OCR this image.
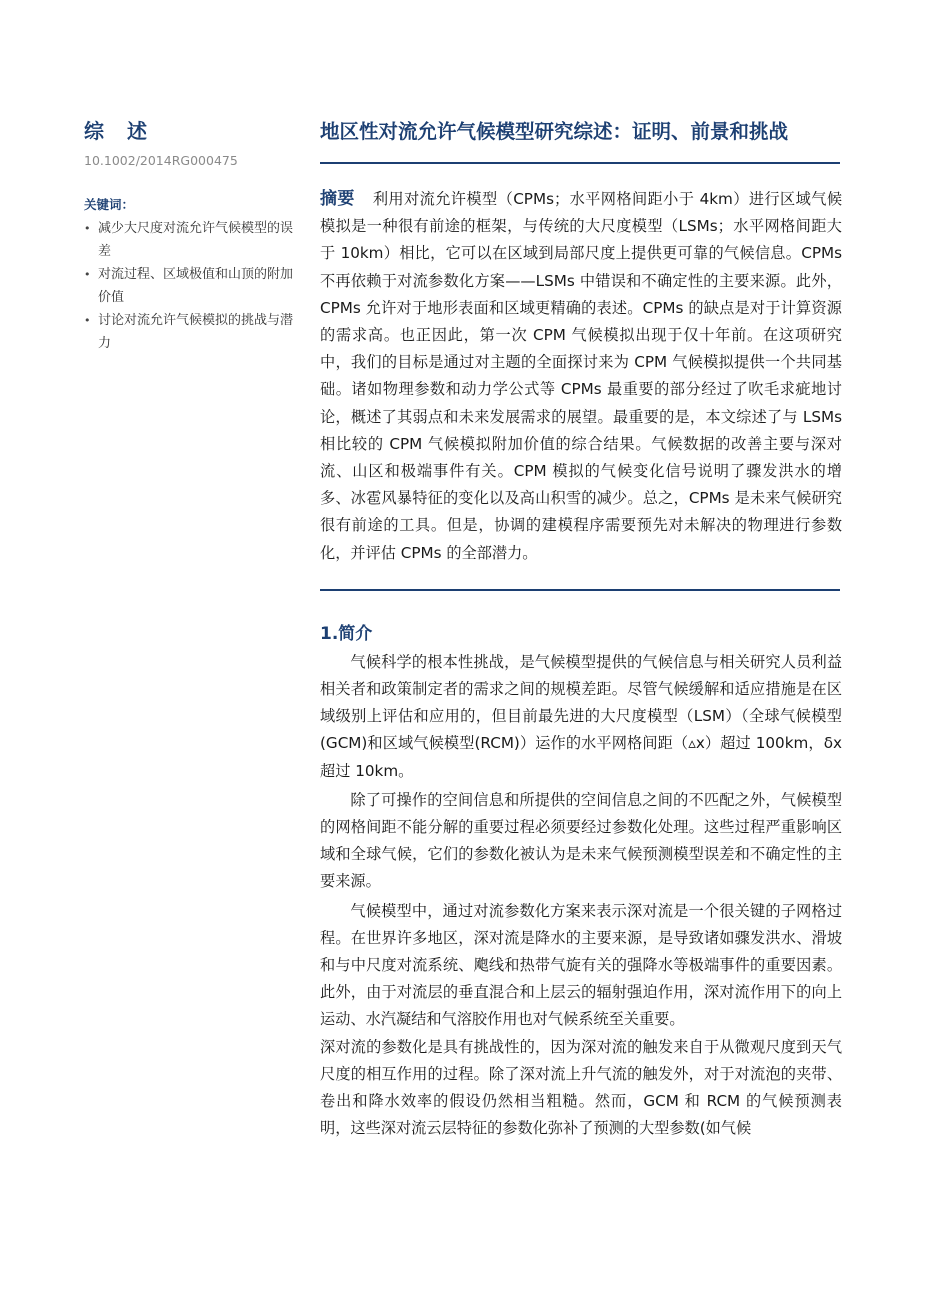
综 述
10.1002/2014RG000475
关键词：
• 减少大尺度对流允许气候模型的误差
• 对流过程、区域极值和山顶的附加价值
• 讨论对流允许气候模拟的挑战与潜力
地区性对流允许气候模型研究综述：证明、前景和挑战
摘要 利用对流允许模型（CPMs；水平网格间距小于 4km）进行区域气候模拟是一种很有前途的框架，与传统的大尺度模型（LSMs；水平网格间距大于 10km）相比，它可以在区域到局部尺度上提供更可靠的气候信息。CPMs 不再依赖于对流参数化方案——LSMs 中错误和不确定性的主要来源。此外，CPMs 允许对于地形表面和区域更精确的表述。CPMs 的缺点是对于计算资源的需求高。也正因此，第一次 CPM 气候模拟出现于仅十年前。在这项研究中，我们的目标是通过对主题的全面探讨来为 CPM 气候模拟提供一个共同基础。诸如物理参数和动力学公式等 CPMs 最重要的部分经过了吹毛求疵地讨论，概述了其弱点和未来发展需求的展望。最重要的是，本文综述了与 LSMs 相比较的 CPM 气候模拟附加价值的综合结果。气候数据的改善主要与深对流、山区和极端事件有关。CPM 模拟的气候变化信号说明了骤发洪水的增多、冰雹风暴特征的变化以及高山积雪的减少。总之，CPMs 是未来气候研究很有前途的工具。但是，协调的建模程序需要预先对未解决的物理进行参数化，并评估 CPMs 的全部潜力。
1.简介

气候科学的根本性挑战，是气候模型提供的气候信息与相关研究人员利益相关者和政策制定者的需求之间的规模差距。尽管气候缓解和适应措施是在区域级别上评估和应用的，但目前最先进的大尺度模型（LSM）（全球气候模型(GCM)和区域气候模型(RCM)）运作的水平网格间距（▵x）超过 100km，δx 超过 10km。

除了可操作的空间信息和所提供的空间信息之间的不匹配之外，气候模型的网格间距不能分解的重要过程必须要经过参数化处理。这些过程严重影响区域和全球气候，它们的参数化被认为是未来气候预测模型误差和不确定性的主要来源。

气候模型中，通过对流参数化方案来表示深对流是一个很关键的子网格过程。在世界许多地区，深对流是降水的主要来源，是导致诸如骤发洪水、滑坡和与中尺度对流系统、飑线和热带气旋有关的强降水等极端事件的重要因素。此外，由于对流层的垂直混合和上层云的辐射强迫作用，深对流作用下的向上运动、水汽凝结和气溶胶作用也对气候系统至关重要。

深对流的参数化是具有挑战性的，因为深对流的触发来自于从微观尺度到天气尺度的相互作用的过程。除了深对流上升气流的触发外，对于对流泡的夹带、卷出和降水效率的假设仍然相当粗糙。然而，GCM 和 RCM 的气候预测表明，这些深对流云层特征的参数化弥补了预测的大型参数(如气候
